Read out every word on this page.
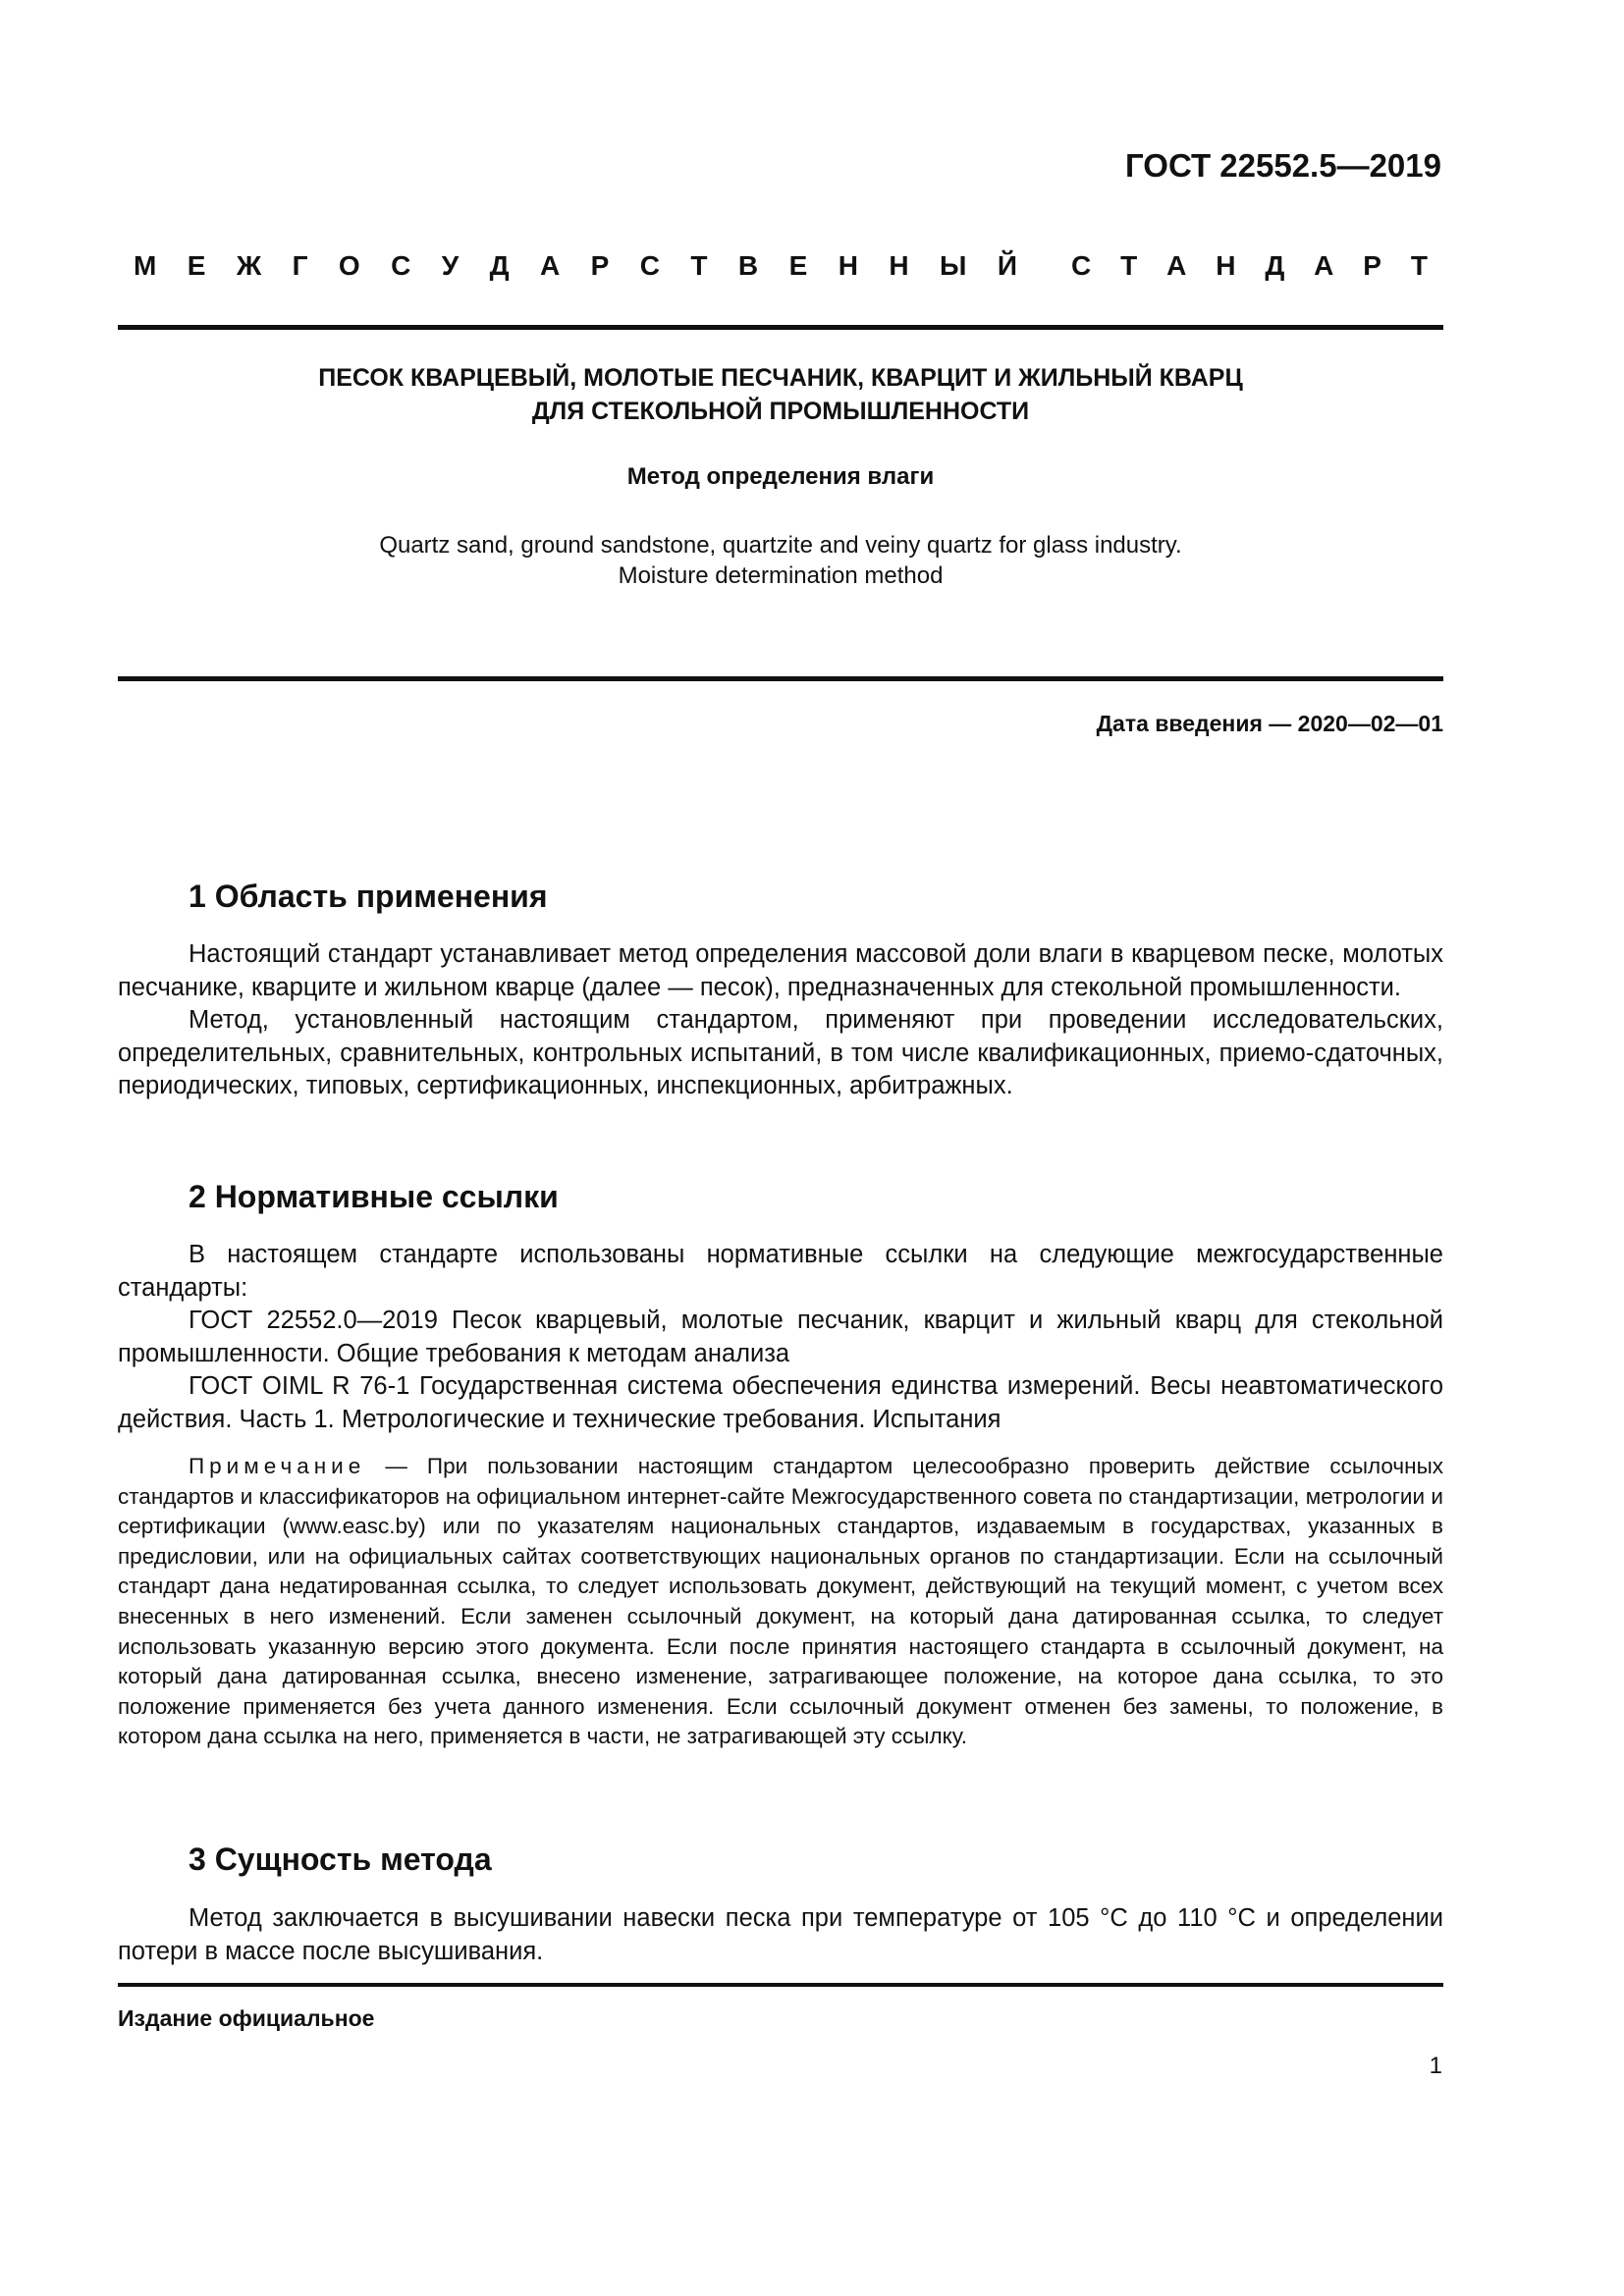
ГОСТ 22552.5—2019
М Е Ж Г О С У Д А Р С Т В Е Н Н Ы Й С Т А Н Д А Р Т
ПЕСОК КВАРЦЕВЫЙ, МОЛОТЫЕ ПЕСЧАНИК, КВАРЦИТ И ЖИЛЬНЫЙ КВАРЦ
ДЛЯ СТЕКОЛЬНОЙ ПРОМЫШЛЕННОСТИ
Метод определения влаги
Quartz sand, ground sandstone, quartzite and veiny quartz for glass industry.
Moisture determination method
Дата введения — 2020—02—01
1 Область применения
Настоящий стандарт устанавливает метод определения массовой доли влаги в кварцевом песке, молотых песчанике, кварците и жильном кварце (далее — песок), предназначенных для стекольной промышленности.
Метод, установленный настоящим стандартом, применяют при проведении исследовательских, определительных, сравнительных, контрольных испытаний, в том числе квалификационных, приемо-сдаточных, периодических, типовых, сертификационных, инспекционных, арбитражных.
2 Нормативные ссылки
В настоящем стандарте использованы нормативные ссылки на следующие межгосударственные стандарты:
ГОСТ 22552.0—2019 Песок кварцевый, молотые песчаник, кварцит и жильный кварц для стекольной промышленности. Общие требования к методам анализа
ГОСТ OIML R 76-1 Государственная система обеспечения единства измерений. Весы неавтоматического действия. Часть 1. Метрологические и технические требования. Испытания
Примечание — При пользовании настоящим стандартом целесообразно проверить действие ссылочных стандартов и классификаторов на официальном интернет-сайте Межгосударственного совета по стандартизации, метрологии и сертификации (www.easc.by) или по указателям национальных стандартов, издаваемым в государствах, указанных в предисловии, или на официальных сайтах соответствующих национальных органов по стандартизации. Если на ссылочный стандарт дана недатированная ссылка, то следует использовать документ, действующий на текущий момент, с учетом всех внесенных в него изменений. Если заменен ссылочный документ, на который дана датированная ссылка, то следует использовать указанную версию этого документа. Если после принятия настоящего стандарта в ссылочный документ, на который дана датированная ссылка, внесено изменение, затрагивающее положение, на которое дана ссылка, то это положение применяется без учета данного изменения. Если ссылочный документ отменен без замены, то положение, в котором дана ссылка на него, применяется в части, не затрагивающей эту ссылку.
3 Сущность метода
Метод заключается в высушивании навески песка при температуре от 105 °С до 110 °С и определении потери в массе после высушивания.
Издание официальное
1
